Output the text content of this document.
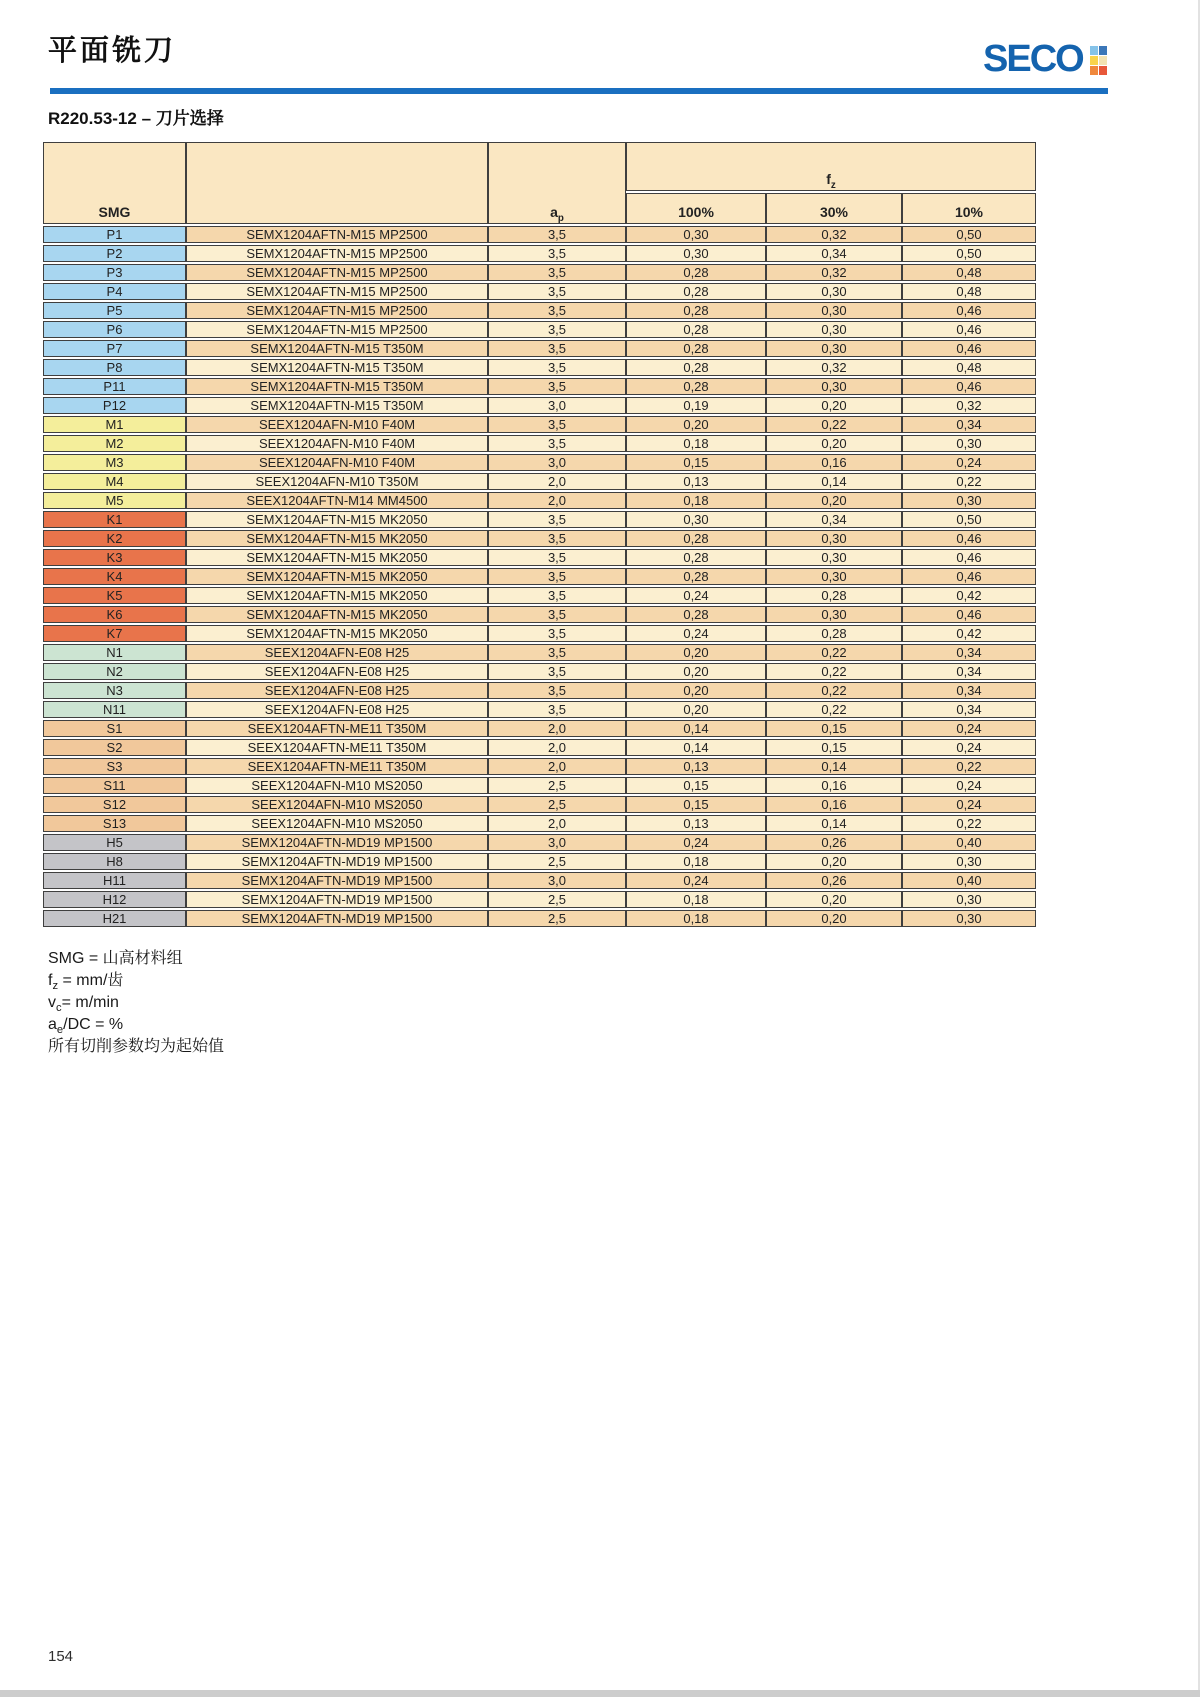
平面铣刀	SECO
R220.53-12 – 刀片选择
SMG		$a_p$	$f_z$
			100%	30%	10%
P1	SEMX1204AFTN-M15 MP2500	3,5	0,30	0,32	0,50
P2	SEMX1204AFTN-M15 MP2500	3,5	0,30	0,34	0,50
P3	SEMX1204AFTN-M15 MP2500	3,5	0,28	0,32	0,48
P4	SEMX1204AFTN-M15 MP2500	3,5	0,28	0,30	0,48
P5	SEMX1204AFTN-M15 MP2500	3,5	0,28	0,30	0,46
P6	SEMX1204AFTN-M15 MP2500	3,5	0,28	0,30	0,46
P7	SEMX1204AFTN-M15 T350M	3,5	0,28	0,30	0,46
P8	SEMX1204AFTN-M15 T350M	3,5	0,28	0,32	0,48
P11	SEMX1204AFTN-M15 T350M	3,5	0,28	0,30	0,46
P12	SEMX1204AFTN-M15 T350M	3,0	0,19	0,20	0,32
M1	SEEX1204AFN-M10 F40M	3,5	0,20	0,22	0,34
M2	SEEX1204AFN-M10 F40M	3,5	0,18	0,20	0,30
M3	SEEX1204AFN-M10 F40M	3,0	0,15	0,16	0,24
M4	SEEX1204AFN-M10 T350M	2,0	0,13	0,14	0,22
M5	SEEX1204AFTN-M14 MM4500	2,0	0,18	0,20	0,30
K1	SEMX1204AFTN-M15 MK2050	3,5	0,30	0,34	0,50
K2	SEMX1204AFTN-M15 MK2050	3,5	0,28	0,30	0,46
K3	SEMX1204AFTN-M15 MK2050	3,5	0,28	0,30	0,46
K4	SEMX1204AFTN-M15 MK2050	3,5	0,28	0,30	0,46
K5	SEMX1204AFTN-M15 MK2050	3,5	0,24	0,28	0,42
K6	SEMX1204AFTN-M15 MK2050	3,5	0,28	0,30	0,46
K7	SEMX1204AFTN-M15 MK2050	3,5	0,24	0,28	0,42
N1	SEEX1204AFN-E08 H25	3,5	0,20	0,22	0,34
N2	SEEX1204AFN-E08 H25	3,5	0,20	0,22	0,34
N3	SEEX1204AFN-E08 H25	3,5	0,20	0,22	0,34
N11	SEEX1204AFN-E08 H25	3,5	0,20	0,22	0,34
S1	SEEX1204AFTN-ME11 T350M	2,0	0,14	0,15	0,24
S2	SEEX1204AFTN-ME11 T350M	2,0	0,14	0,15	0,24
S3	SEEX1204AFTN-ME11 T350M	2,0	0,13	0,14	0,22
S11	SEEX1204AFN-M10 MS2050	2,5	0,15	0,16	0,24
S12	SEEX1204AFN-M10 MS2050	2,5	0,15	0,16	0,24
S13	SEEX1204AFN-M10 MS2050	2,0	0,13	0,14	0,22
H5	SEMX1204AFTN-MD19 MP1500	3,0	0,24	0,26	0,40
H8	SEMX1204AFTN-MD19 MP1500	2,5	0,18	0,20	0,30
H11	SEMX1204AFTN-MD19 MP1500	3,0	0,24	0,26	0,40
H12	SEMX1204AFTN-MD19 MP1500	2,5	0,18	0,20	0,30
H21	SEMX1204AFTN-MD19 MP1500	2,5	0,18	0,20	0,30
SMG = 山高材料组
$f_z = mm/$齿
$v_c= m/\min$
$a_e/DC$ = %
所有切削参数均为起始值
154
